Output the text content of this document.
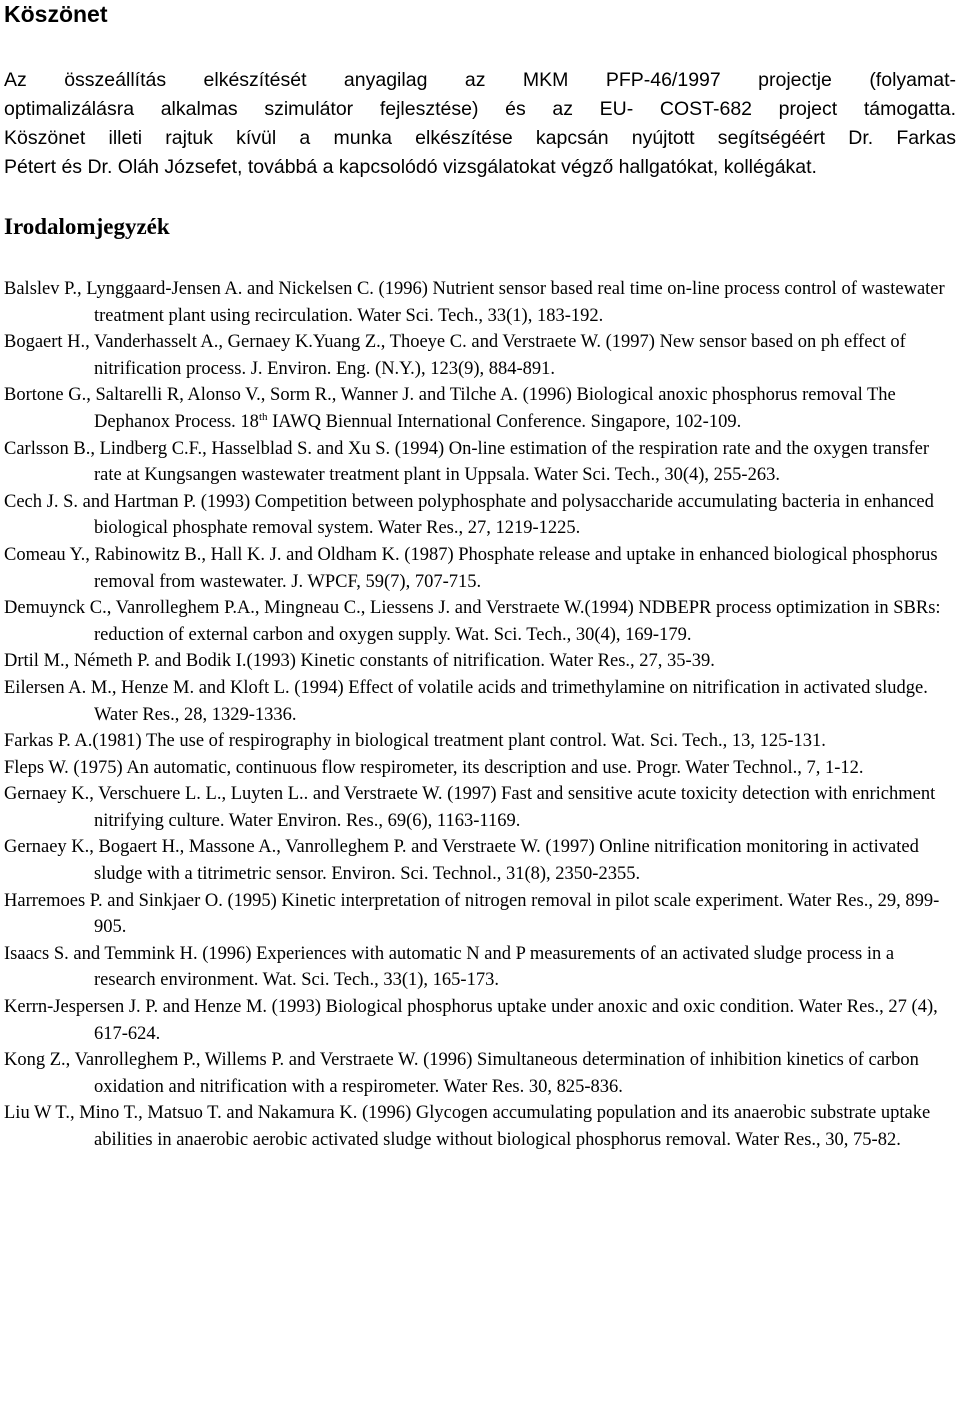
Köszönet
Az összeállítás elkészítését anyagilag az MKM PFP-46/1997 projectje (folyamat-
optimalizálásra alkalmas szimulátor fejlesztése) és az EU- COST-682 project támogatta.
Köszönet illeti rajtuk kívül a munka elkészítése kapcsán nyújtott segítségéért Dr. Farkas
Pétert és Dr. Oláh Józsefet, továbbá a kapcsolódó vizsgálatokat végző hallgatókat, kollégákat.
Irodalomjegyzék
Balslev P., Lynggaard-Jensen A. and Nickelsen C. (1996) Nutrient sensor based real time on-line process control of wastewater treatment plant using recirculation. Water Sci. Tech., 33(1), 183-192.
Bogaert H., Vanderhasselt A., Gernaey K.Yuang Z., Thoeye C. and Verstraete W. (1997) New sensor based on ph effect of nitrification process. J. Environ. Eng. (N.Y.), 123(9), 884-891.
Bortone G., Saltarelli R, Alonso V., Sorm R., Wanner J. and Tilche A. (1996) Biological anoxic phosphorus removal The Dephanox Process. 18th IAWQ Biennual International Conference. Singapore, 102-109.
Carlsson B., Lindberg C.F., Hasselblad S. and Xu S. (1994) On-line estimation of the respiration rate and the oxygen transfer rate at Kungsangen wastewater treatment plant in Uppsala. Water Sci. Tech., 30(4), 255-263.
Cech J. S. and Hartman P. (1993) Competition between polyphosphate and polysaccharide accumulating bacteria in enhanced biological phosphate removal system. Water Res., 27, 1219-1225.
Comeau Y., Rabinowitz B., Hall K. J. and Oldham K. (1987) Phosphate release and uptake in enhanced biological phosphorus removal from wastewater. J. WPCF, 59(7), 707-715.
Demuynck C., Vanrolleghem P.A., Mingneau C., Liessens J. and Verstraete W.(1994) NDBEPR process optimization in SBRs: reduction of external carbon and oxygen supply. Wat. Sci. Tech., 30(4), 169-179.
Drtil M., Németh P. and Bodik I.(1993) Kinetic constants of nitrification. Water Res., 27, 35-39.
Eilersen A. M., Henze M. and Kloft L. (1994) Effect of volatile acids and trimethylamine on nitrification in activated sludge. Water Res., 28, 1329-1336.
Farkas P. A.(1981) The use of respirography in biological treatment plant control. Wat. Sci. Tech., 13, 125-131.
Fleps W. (1975) An automatic, continuous flow respirometer, its description and use. Progr. Water Technol., 7, 1-12.
Gernaey K., Verschuere L. L., Luyten L.. and Verstraete W. (1997) Fast and sensitive acute toxicity detection with enrichment nitrifying culture. Water Environ. Res., 69(6), 1163-1169.
Gernaey K., Bogaert H., Massone A., Vanrolleghem P. and Verstraete W. (1997) Online nitrification monitoring in activated sludge with a titrimetric sensor. Environ. Sci. Technol., 31(8), 2350-2355.
Harremoes P. and Sinkjaer O. (1995) Kinetic interpretation of nitrogen removal in pilot scale experiment. Water Res., 29, 899-905.
Isaacs S. and Temmink H. (1996) Experiences with automatic N and P measurements of an activated sludge process in a research environment. Wat. Sci. Tech., 33(1), 165-173.
Kerrn-Jespersen J. P. and Henze M. (1993) Biological phosphorus uptake under anoxic and oxic condition. Water Res., 27 (4), 617-624.
Kong Z., Vanrolleghem P., Willems P. and Verstraete W. (1996) Simultaneous determination of inhibition kinetics of carbon oxidation and nitrification with a respirometer. Water Res. 30, 825-836.
Liu W T., Mino T., Matsuo T. and Nakamura K. (1996) Glycogen accumulating population and its anaerobic substrate uptake abilities in anaerobic aerobic activated sludge without biological phosphorus removal. Water Res., 30, 75-82.
